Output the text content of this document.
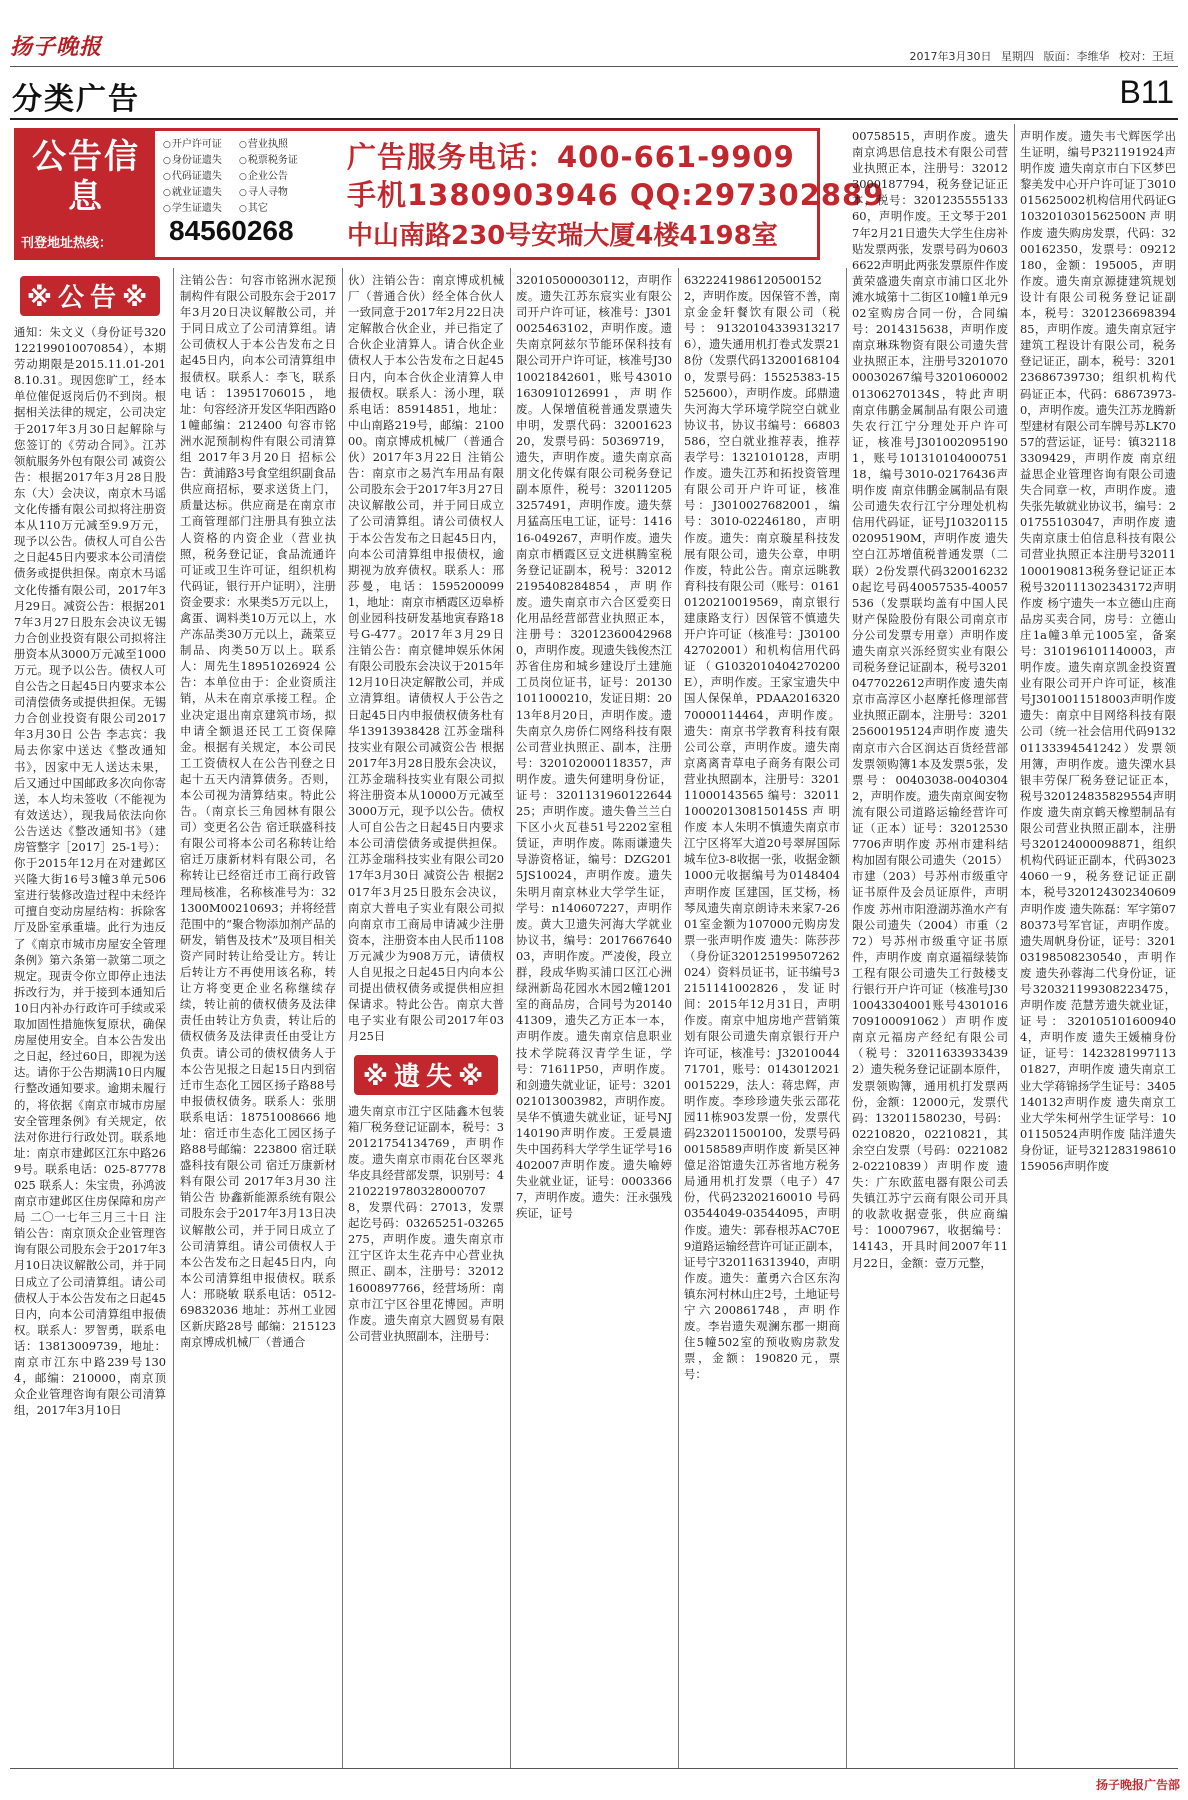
扬子晚报	2017年3月30日 星期四 版面：李维华 校对：王垣
分类广告	B11
公告信息
刊登地址热线：
○ 开户许可证	○ 营业执照 ○ 身份证遗失	○ 税票税务证 ○ 代码证遗失	○ 企业公告 ○ 就业证遗失	○ 寻人寻物 ○ 学生证遗失	○ 其它
广告服务电话：400-661-9909
手机13809039​46 QQ:297302889
84560268 中山南路230号安瑞大厦4楼4198室
※公告※

通知：朱文义（身份证号320122199010070854），本期劳动期限是2015.11.01-2018.10.31。现因您旷工，经本单位催促返岗后仍不到岗。根据相关法律的规定，公司决定于2017年3月30日起解除与您签订的《劳动合同》。江苏领航服务外包有限公司 减资公告：根据2017年3月28日股东（大）会决议，南京木马谣文化传播有限公司拟将注册资本从110万元减至9.9万元，现予以公告。债权人可自公告之日起45日内要求本公司清偿债务或提供担保。南京木马谣文化传播有限公司，2017年3月29日。减资公告：根据2017年3月27日股东会决议无锡力合创业投资有限公司拟将注册资本从3000万元减至1000万元。现予以公告。债权人可自公告之日起45日内要求本公司清偿债务或提供担保。无锡力合创业投资有限公司2017年3月30日 公告 李志宾：我局去你家中送达《整改通知书》，因家中无人送达未果，后又通过中国邮政多次向你寄送，本人均未签收（不能视为有效送达），现我局依法向你公告送达《整改通知书》（建房管整字［2017］25-1号）：你于2015年12月在对建邺区兴隆大街16号3幢3单元506室进行装修改造过程中未经许可擅自变动房屋结构：拆除客厅及卧室承重墙。此行为违反了《南京市城市房屋安全管理条例》第六条第一款第二项之规定。现责令你立即停止违法拆改行为，并于接到本通知后10日内补办行政许可手续或采取加固性措施恢复原状，确保房屋使用安全。自本公告发出之日起，经过60日，即视为送达。请你于公告期满10日内履行整改通知要求。逾期未履行的，将依据《南京市城市房屋安全管理条例》有关规定，依法对你进行行政处罚。联系地址：南京市建邺区江东中路269号。联系电话：025-87778025 联系人：朱宝贵，孙鸿波 南京市建邺区住房保障和房产局 二〇一七年三月三十日 注销公告：南京顶众企业管理咨询有限公司股东会于2017年3月10日决议解散公司，并于同日成立了公司清算组。请公司债权人于本公告发布之日起45日内，向本公司清算组申报债权。联系人：罗智勇，联系电话：13813009739，地址：南京市江东中路239号1304，邮编：210000，南京顶众企业管理咨询有限公司清算组，2017年3月10日

注销公告：句容市铭洲水泥预制构件有限公司股东会于2017年3月20日决议解散公司，并于同日成立了公司清算组。请公司债权人于本公告发布之日起45日内，向本公司清算组申报债权。联系人：李飞，联系电话：13951706015，地址：句容经济开发区华阳西路01幢邮编：212400 句容市铭洲水泥预制构件有限公司清算组 2017年3月20日 招标公告：黄浦路3号食堂组织副食品供应商招标，要求送货上门，质量达标。供应商是在南京市工商管理部门注册具有独立法人资格的内资企业（营业执照，税务登记证，食品流通许可证或卫生许可证，组织机构代码证，银行开户证明），注册资金要求：水果类5万元以上，禽蛋、调料类10万元以上，水产冻品类30万元以上，蔬菜豆制品、肉类50万以上。联系人：周先生18951026924 公告：本单位由于：企业资质注销，从未在南京承接工程。企业决定退出南京建筑市场，拟申请全额退还民工工资保障金。根据有关规定，本公司民工工资债权人在公告刊登之日起十五天内清算债务。否则，本公司视为清算结束。特此公告。（南京长三角园林有限公司）变更名公告 宿迁联盛科技有限公司将本公司名称转让给宿迁万康新材料有限公司，名称转让已经宿迁市工商行政管理局核准，名称核准号为：321300M00210693；并将经营范围中的“聚合物添加剂产品的研发，销售及技术”及项目相关资产同时转让给受让方。转让后转让方不再使用该名称，转让方将变更企业名称继续存续，转让前的债权债务及法律责任由转让方负责，转让后的债权债务及法律责任由受让方负责。请公司的债权债务人于本公告见报之日起15日内到宿迁市生态化工园区扬子路88号申报债权债务。联系人：张朋 联系电话：18751008666 地址：宿迁市生态化工园区扬子路88号邮编：223800 宿迁联盛科技有限公司 宿迁万康新材料有限公司 2017年3月30 注销公告 协鑫新能源系统有限公司股东会于2017年3月13日决议解散公司，并于同日成立了公司清算组。请公司债权人于本公告发布之日起45日内，向本公司清算组申报债权。联系人：邢晓敏 联系电话：0512-69832036 地址：苏州工业园区新庆路28号 邮编：215123 南京博成机械厂（普通合

伙）注销公告：南京博成机械厂（普通合伙）经全体合伙人一致同意于2017年2月22日决定解散合伙企业，并已指定了合伙企业清算人。请合伙企业债权人于本公告发布之日起45日内，向本合伙企业清算人申报债权。联系人：汤小理，联系电话：85914851，地址：中山南路219号，邮编：210000。南京博成机械厂（普通合伙）2017年3月22日 注销公告：南京市之易汽车用品有限公司股东会于2017年3月27日决议解散公司，并于同日成立了公司清算组。请公司债权人于本公告发布之日起45日内，向本公司清算组申报债权，逾期视为放弃债权。联系人：邢莎曼，电话：15952000991，地址：南京市栖霞区迈皋桥创业园科技研发基地寅春路18号G-477。2017年3月29日 注销公告：南京健坤娱乐休闲有限公司股东会决议于2015年12月10日决定解散公司，并成立清算组。请债权人于公告之日起45日内申报债权债务杜有华13913938428 江苏金瑞科技实业有限公司减资公告 根据2017年3月28日股东会决议，江苏金瑞科技实业有限公司拟将注册资本从10000万元减至3000万元，现予以公告。债权人可自公告之日起45日内要求本公司清偿债务或提供担保。江苏金瑞科技实业有限公司2017年3月30日 减资公告 根据2017年3月25日股东会决议，南京大普电子实业有限公司拟向南京市工商局申请减少注册资本，注册资本由人民币1108万元减少为908万元，请债权人自见报之日起45日内向本公司提出债权债务或提供相应担保请求。特此公告。南京大普电子实业有限公司2017年03月25日

※遗失※

遗失南京市江宁区陆鑫木包装箱厂税务登记证副本，税号：320121754134769，声明作废。遗失南京市雨花台区翠兆华皮具经营部发票，识别号：421022197803280007078，发票代码：27013，发票起讫号码：03265251-03265275，声明作废。遗失南京市江宁区许太生花卉中心营业执照正、副本，注册号：320121600897766，经营场所：南京市江宁区谷里花博园。声明作废。遗失南京大圆贸易有限公司营业执照副本，注册号：

320105000030112，声明作废。遗失江苏东宸实业有限公司开户许可证，核准号：J3010025463102，声明作废。遗失南京阿兹尔节能环保科技有限公司开户许可证，核准号J3010021842601，账号430101630910126991，声明作废。人保增值税普通发票遗失申明，发票代码：3200162320，发票号码：50369719，遗失，声明作废。遗失南京高朋文化传媒有限公司税务登记副本原件，税号：320112053257491，声明作废。遗失蔡月猛高压电工证，证号：141616-049267，声明作废。遗失南京市栖霞区豆文进棋腾室税务登记证副本，税号：320122195408284854，声明作废。遗失南京市六合区爱奕日化用品经营部营业执照正本，注册号：320123600429680，声明作废。现遗失钱俊杰江苏省住房和城乡建设厅土建施工员岗位证书，证号：201301011000210，发证日期：2013年8月20日，声明作废。遗失南京久房侨仁网络科技有限公司营业执照正、副本，注册号：320102000118357，声明作废。遗失何建明身份证，证号：320113196012264425；声明作废。遗失鲁兰兰白下区小火瓦巷51号2202室租赁证，声明作废。陈雨谦遗失导游资格证，编号：DZG2015JS10024，声明作废。遗失朱明月南京林业大学学生证，学号：n140607227，声明作废。黄大卫遗失河海大学就业协议书，编号：201766764003，声明作废。严凌俊，段立群，段成华购买浦口区江心洲绿洲新岛花园水木园2幢1201室的商品房，合同号为201404130​9，遗失乙方正本一本，声明作废。遗失南京信息职业技术学院蒋汉青学生证，学号：71611P50，声明作废。和剑遗失就业证，证号：3201021013003982，声明作废。吴华不慎遗失就业证，证号NJ140190声明作废。王爱晨遗失中国药科大学学生证学号16402007声明作废。遗失喻婷失业就业证，证号：00033667，声明作废。遗失：汪永强残疾证，证号

632224198612050015​22，声明作废。因保管不善，南京金金轩餐饮有限公司（税号：9132010433931321​76），遗失通用机打卷式发票218份（发票代码132001681040，发票号码：15525383-15525600），声明作废。邱鼎遗失河海大学环境学院空白就业协议书，协议书编号：66803586，空白就业推荐表，推荐表学号：1321010128，声明作废。遗失江苏和拓投资管理有限公司开户许可证，核准号：J3010027682001，编号：3010-02246180，声明作废。遗失：南京璇星科技发展有限公司，遗失公章，申明作废，特此公告。南京远眺教育科技有限公司（账号：01610120210019569，南京银行建康路支行）因保管不慎遗失开户许可证（核准号：J3010042702001）和机构信用代码证（G1032010404270200E），声明作废。王家宝遗失中国人保保单，PDAA201632070000114464，声明作废。遗失：南京书学教育科技有限公司公章，声明作废。遗失南京离离青草电子商务有限公司营业执照副本，注册号：320111000143565 编号：320111000201308150145S声明作废 本人朱明不慎遗失南京市江宁区将军大道20号翠屏国际城车位3-8收据一张，收据金额1000元收据编号为0148404声明作废 匡建国，匡艾杨，杨琴凤遗失南京朗诗未来家7-2601室金额为107000元购房发票一张声明作废 遗失：陈莎莎（身份证3201251995072​62024）资料员证书，证书编号3215114100​2826，发证时间：2015年12月31日，声明作废。南京中旭房地产营销策划有限公司遗失南京银行开户许可证，核准号：J3201004471701，账号：01430120210015229，法人：蒋忠辉，声明作废。李珍珍遗失张云邵花园11栋903发票一份，发票代码232011500100，发票号码00158589声明作废 新吴区神億足浴馆遗失江苏省地方税务局通用机打发票（电子）47份，代码232021600​10 号码03544049-03544095，声明作废。遗失：郭春根苏AC70E9道路运输经营许可证正副本，证号宁320116313940，声明作废。遗失：董勇六合区东沟镇东河村林山庄2号，土地证号宁六200861748，声明作废。李岩遗失观澜东郡一期商住5幢502室的预收购房款发票，金额：190820元，票号：

00758515，声明作废。遗失南京鸿思信息技术有限公司营业执照正本，注册号：320123000187794，税务登记证正本，税号：320123555513360，声明作废。王文琴于2017年2月21日遗失大学生住房补贴发票两张，发票号码为06036622声明此两张发票原件作废 黄荣盛遗失南京市浦口区北外滩水城第十二街区10幢1单元902室购房合同一份，合同编号：2014315638，声明作废 南京琳珠物资有限公司遗失营业执照正本，注册号320107000030267编号320106000201306270134S，特此声明 南京伟鹏金属制品有限公司遗失农行江宁分理处开户许可证，核准号J3010020951901，账号10131010400075118，编号3010-02176436声明作废 南京伟鹏金属制品有限公司遗失农行江宁分理处机构信用代码证，证号J103201150209519​0M，声明作废 遗失空白江苏增值税普通发票（二联）2份发票代码3200162320起讫号码40057535-40057536（发票联均盖有中国人民财产保险股份有限公司南京市分公司发票专用章）声明作废 遗失南京兴泺经贸实业有限公司税务登记证副本，税号320104770226​12声明作废 遗失南京市高淳区小赵摩托修理部营业执照正副本，注册号：320125600195124声明作废 遗失南京市六合区润达百货经营部发票领购簿1本及发票5张，发票号：00403038-00403042，声明作废。遗失南京闽安物流有限公司道路运输经营许可证（正本）证号：320125307706声明作废 苏州市建科结构加固有限公司遗失（2015）市建（203）号苏州市级重守证书原件及会员证原件，声明作废 苏州市阳澄湖苏渔水产有限公司遗失（2004）市重（272）号苏州市级重守证书原件，声明作废 南京逼福绿装饰工程有限公司遗失工行鼓楼支行银行开户许可证（核准号J3010043304001账号4301016709100091062）声明作废 南京元福房产经纪有限公司（税号：320116339334392）遗失税务登记证副本原件，发票领购簿，通用机打发票两份，金额：12000元，发票代码：132011580230，号码：02210820，02210821，其余空白发票（号码：02210822-02210839）声明作废 遗失：广东欧蓝电器有限公司丢失镇江苏宁云商有限公司开具的收款收据壹张，供应商编号：10007967，收据编号：14143，开具时间2007年11月22日，金额：壹万元整，

声明作废。遗失韦弋辉医学出生证明，编号P321191924声明作废 遗失南京市白下区梦巴黎美发中心开户许可证丁3010015625002机构信用代码证G1032010301562500N声明作废 遗失购房发票，代码：3200162350，发票号：09212180，金额：195005，声明作废。遗失南京源捷建筑规划设计有限公司税务登记证副本，税号：320123669839485，声明作废。遗失南京冠宇建筑工程设计有限公司，税务登记证正，副本，税号：320123686739730；组织机构代码证正本，代码：68673973-0，声明作废。遗失江苏龙腾新型建材有限公司车牌号苏LK7057的营运证，证号：镇321183309429，声明作废 南京纽益思企业管理咨询有限公司遗失合同章一枚，声明作废。遗失张先敏就业协议书，编号：201755103047，声明作废 遗失南京康士伯信息科技有限公司营业执照正本注册号320111000190813税务登记证正本税号320111302343172声明作废 杨宁遗失一本立德山庄商品房买卖合同，房号：立德山庄1a幢3单元1005室，备案号：3101961011400​03，声明作废。遗失南京凯金投资置业有限公司开户许可证，核准号J3010011518003声明作废 遗失：南京中目网络科技有限公司（统一社会信用代码913201133394541242）发票领用簿，声明作废。遗失溧水县银丰劳保厂税务登记证正本，税号320124835829554声明作废 遗失南京鹤天橡塑制品有限公司营业执照正副本，注册号320124000098871，组织机构代码证正副本，代码30234060一9，税务登记证正副本，税号320124302340609声明作废 遗失陈磊：军字第0780373号军官证，声明作废。遗失周帆身份证，证号：320103198508230540，声明作废 遗失孙蓉海二代身份证，证号320321199308223475，声明作废 范慧芳遗失就业证，证号：3201051016009404，声明作废 遗失王媛楠身份证，证号：142328199711301827，声明作废 遗失南京工业大学蒋锦扬学生证号：3405140132声明作废 遗失南京工业大学朱柯州学生证学号：1001150524声明作废 陆洋遗失身份证，证号321283198610159056声明作废

扬子晚报广告部
